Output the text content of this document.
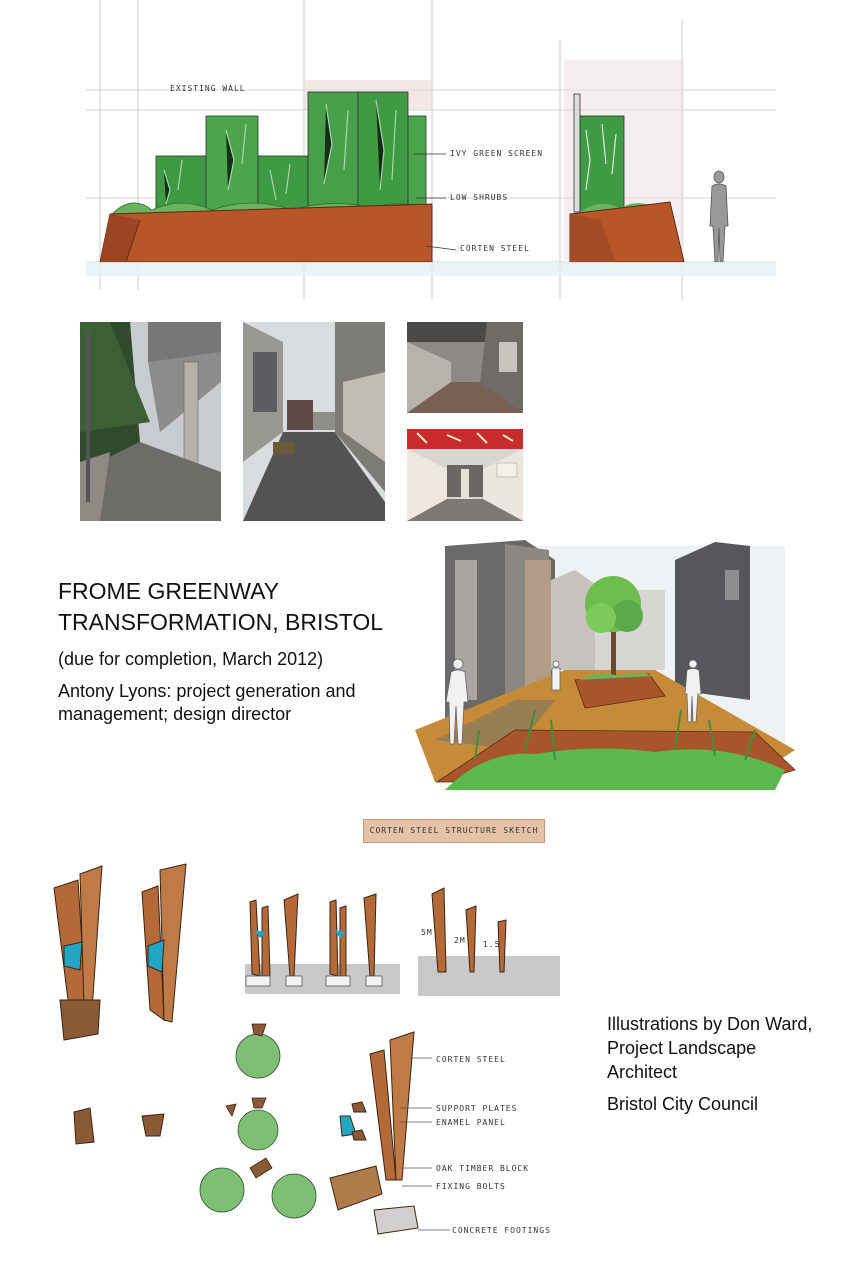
EXISTING WALL
IVY GREEN SCREEN
LOW SHRUBS
CORTEN STEEL
FROME GREENWAY
TRANSFORMATION, BRISTOL
(due for completion, March 2012)
Antony Lyons: project generation and
management; design director
CORTEN STEEL STRUCTURE SKETCH
5M
2M 1.5
CORTEN STEEL
SUPPORT PLATES
ENAMEL PANEL
OAK TIMBER BLOCK
FIXING BOLTS
CONCRETE FOOTINGS
Illustrations by Don Ward,
Project Landscape
Architect
Bristol City Council
